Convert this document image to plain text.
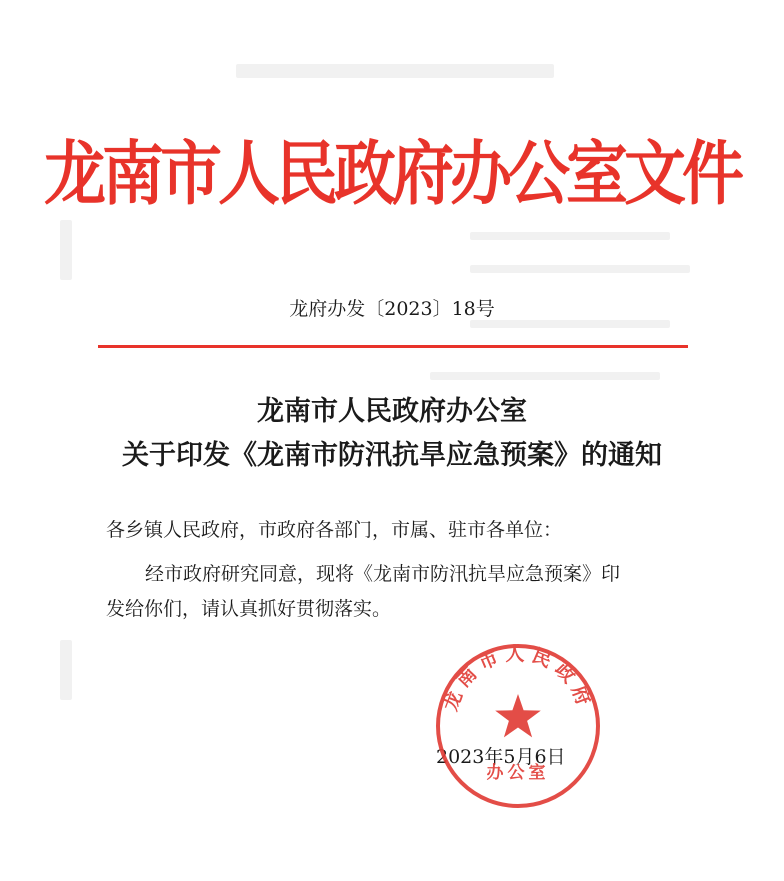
龙南市人民政府办公室文件
龙府办发〔2023〕18号
龙南市人民政府办公室
关于印发《龙南市防汛抗旱应急预案》的通知
各乡镇人民政府，市政府各部门，市属、驻市各单位：
经市政府研究同意，现将《龙南市防汛抗旱应急预案》印
发给你们，请认真抓好贯彻落实。
2023年5月6日
龙南市人民政府
办公室
